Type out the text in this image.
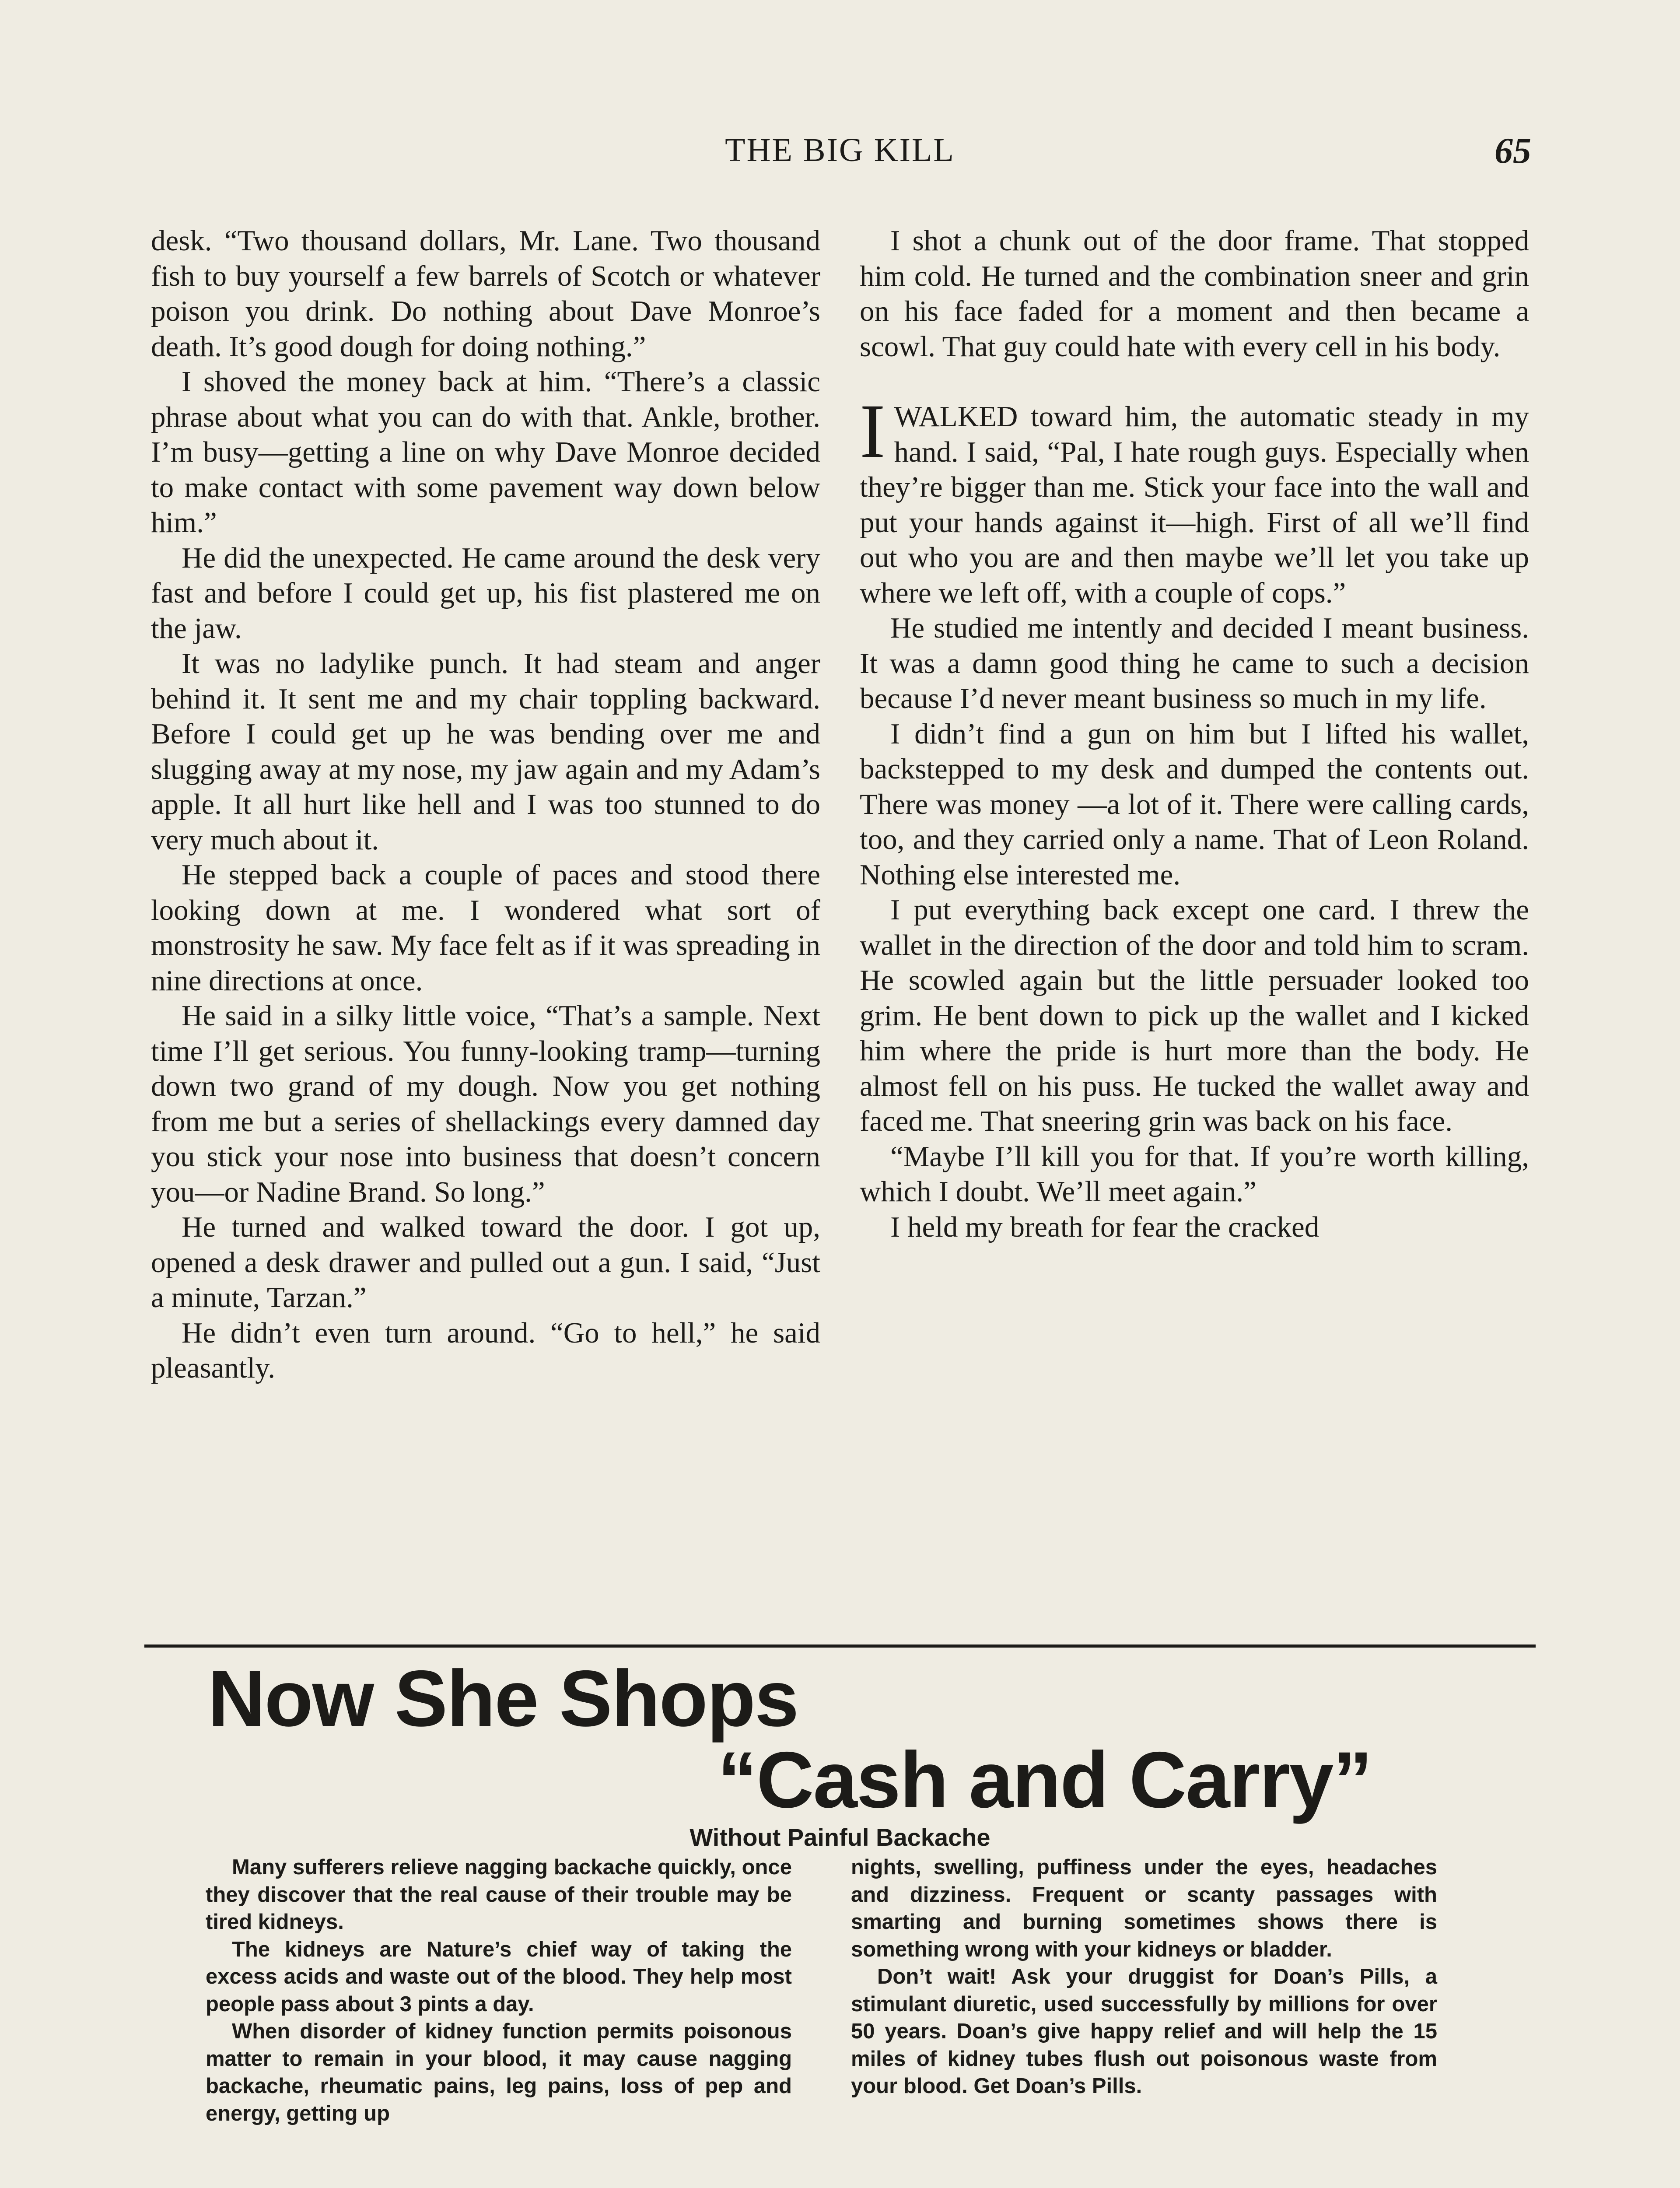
THE BIG KILL	65

desk. “Two thousand dollars, Mr. Lane. Two thousand fish to buy yourself a few barrels of Scotch or whatever poison you drink. Do nothing about Dave Monroe’s death. It’s good dough for doing nothing.”

I shoved the money back at him. “There’s a classic phrase about what you can do with that. Ankle, brother. I’m busy—getting a line on why Dave Monroe decided to make contact with some pavement way down below him.”

He did the unexpected. He came around the desk very fast and before I could get up, his fist plastered me on the jaw.

It was no ladylike punch. It had steam and anger behind it. It sent me and my chair toppling backward. Before I could get up he was bending over me and slugging away at my nose, my jaw again and my Adam’s apple. It all hurt like hell and I was too stunned to do very much about it.

He stepped back a couple of paces and stood there looking down at me. I wondered what sort of monstrosity he saw. My face felt as if it was spreading in nine directions at once.

He said in a silky little voice, “That’s a sample. Next time I’ll get serious. You funny-looking tramp—turning down two grand of my dough. Now you get nothing from me but a series of shellackings every damned day you stick your nose into business that doesn’t concern you—or Nadine Brand. So long.”

He turned and walked toward the door. I got up, opened a desk drawer and pulled out a gun. I said, “Just a minute, Tarzan.”

He didn’t even turn around. “Go to hell,” he said pleasantly.

I shot a chunk out of the door frame. That stopped him cold. He turned and the combination sneer and grin on his face faded for a moment and then became a scowl. That guy could hate with every cell in his body.

IWALKED toward him, the automatic steady in my hand. I said, “Pal, I hate rough guys. Especially when they’re bigger than me. Stick your face into the wall and put your hands against it—high. First of all we’ll find out who you are and then maybe we’ll let you take up where we left off, with a couple of cops.”

He studied me intently and decided I meant business. It was a damn good thing he came to such a decision because I’d never meant business so much in my life.

I didn’t find a gun on him but I lifted his wallet, backstepped to my desk and dumped the contents out. There was money —a lot of it. There were calling cards, too, and they carried only a name. That of Leon Roland. Nothing else interested me.

I put everything back except one card. I threw the wallet in the direction of the door and told him to scram. He scowled again but the little persuader looked too grim. He bent down to pick up the wallet and I kicked him where the pride is hurt more than the body. He almost fell on his puss. He tucked the wallet away and faced me. That sneering grin was back on his face.

“Maybe I’ll kill you for that. If you’re worth killing, which I doubt. We’ll meet again.”

I held my breath for fear the cracked

Now She Shops
“Cash and Carry”
Without Painful Backache

Many sufferers relieve nagging backache quickly, once they discover that the real cause of their trouble may be tired kidneys.

The kidneys are Nature’s chief way of taking the excess acids and waste out of the blood. They help most people pass about 3 pints a day.

When disorder of kidney function permits poisonous matter to remain in your blood, it may cause nagging backache, rheumatic pains, leg pains, loss of pep and energy, getting up

nights, swelling, puffiness under the eyes, headaches and dizziness. Frequent or scanty passages with smarting and burning sometimes shows there is something wrong with your kidneys or bladder.

Don’t wait! Ask your druggist for Doan’s Pills, a stimulant diuretic, used successfully by millions for over 50 years. Doan’s give happy relief and will help the 15 miles of kidney tubes flush out poisonous waste from your blood. Get Doan’s Pills.
